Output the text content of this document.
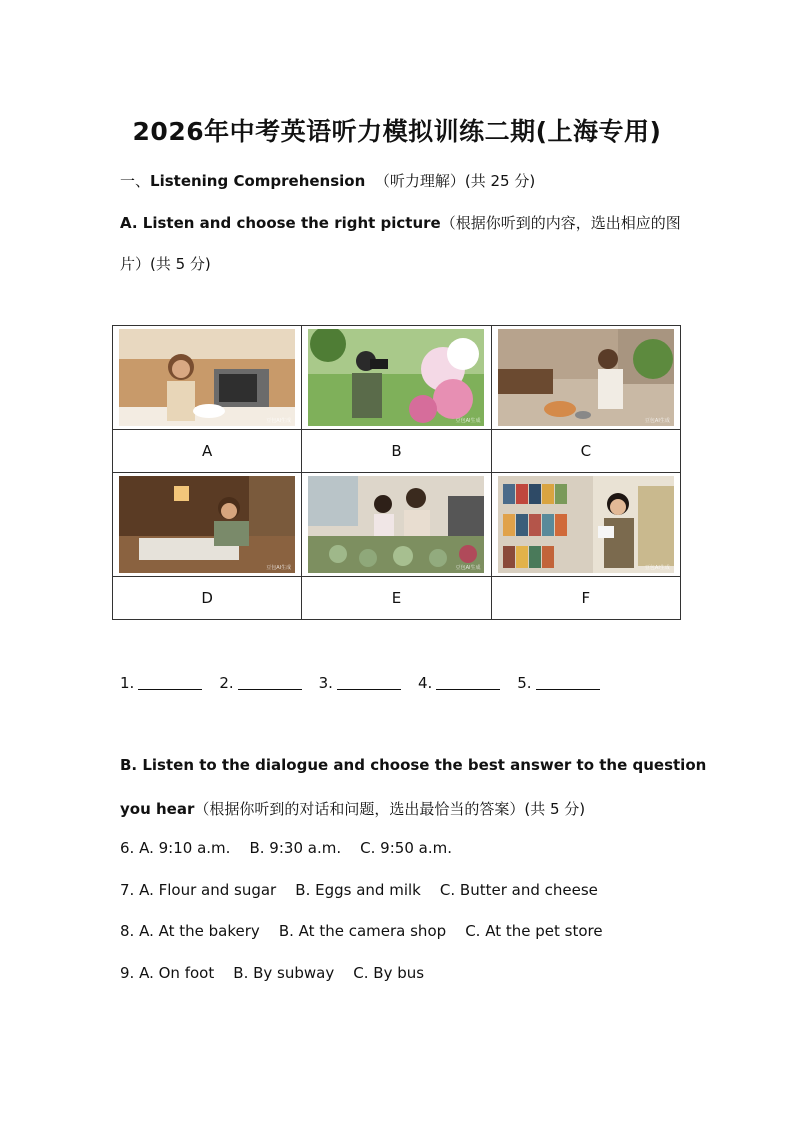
2026年中考英语听力模拟训练二期(上海专用)
一、Listening Comprehension （听力理解）(共 25 分)
A. Listen and choose the right picture（根据你听到的内容，选出相应的图
片）(共 5 分)
豆包AI生成	豆包AI生成	豆包AI生成

A	B	C

豆包AI生成	豆包AI生成	豆包AI生成

D	E	F
1.	2.	3.	4.	5.
B. Listen to the dialogue and choose the best answer to the question
you hear（根据你听到的对话和问题，选出最恰当的答案）(共 5 分)
6. A. 9:10 a.m.    B. 9:30 a.m.    C. 9:50 a.m.
7. A. Flour and sugar    B. Eggs and milk    C. Butter and cheese
8. A. At the bakery    B. At the camera shop    C. At the pet store
9. A. On foot    B. By subway    C. By bus
